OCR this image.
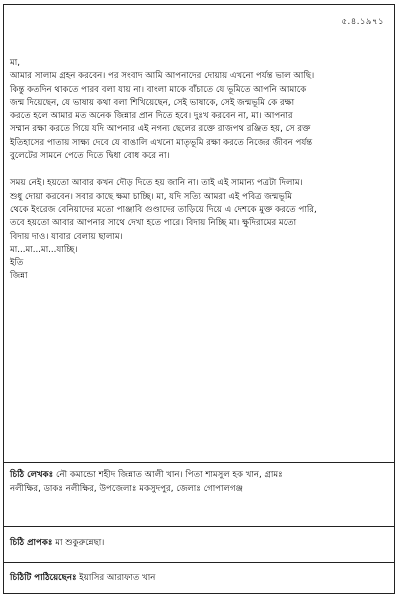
৫.৪.১৯৭১

মা,

আমার সালাম গ্রহন করবেন। পর সংবাদ আমি আপনাদের দোয়ায় এখনো পর্যন্ত ভাল আছি।
কিন্তু কতদিন থাকতে পারব বলা যায় না। বাংলা মাকে বাঁচাতে যে ভূমিতে আপনি আমাকে
জন্ম দিয়েছেন, যে ভাষায় কথা বলা শিখিয়েছেন, সেই ভাষাকে, সেই জন্মভূমি কে রক্ষা
করতে হলে আমার মত অনেক জিন্নার প্রান দিতে হবে। দুঃখ করবেন না, মা। আপনার
সম্মান রক্ষা করতে গিয়ে যদি আপনার এই নগন্য ছেলের রক্তে রাজপথ রঞ্জিত হয়, সে রক্ত
ইতিহাসের পাতায় সাক্ষ্য দেবে যে বাঙালি এখনো মাতৃভূমি রক্ষা করতে নিজের জীবন পর্যন্ত
বুলেটের সামনে পেতে দিতে দ্বিধা বোধ করে না।

সময় নেই। হয়তো আবার কখন দৌড় দিতে হয় জানি না। তাই এই সামান্য পত্রটা দিলাম।
শুধু দোয়া করবেন। সবার কাছে ক্ষমা চাচ্ছি। মা, যদি সত্যি আমরা এই পবিত্র জন্মভূমি
থেকে ইংরেজ বেনিয়াদের মতো পাঞ্জাবি গুণ্ডাদের তাড়িয়ে দিয়ে এ দেশকে মুক্ত করতে পারি,
তবে হয়তো আবার আপনার সাথে দেখা হতে পারে। বিদায় নিচ্ছি মা। ক্ষুদিরামের মতো
বিদায় দাও। যাবার বেলায় ছালাম।
মা...মা...মা...যাচ্ছি।

ইতি

জিন্না

চিঠি লেখকঃ নৌ কমান্ডো শহীদ জিন্নাত আলী খান। পিতা শামসুল হক খান, গ্রামঃ
নলীক্ষির, ডাকঃ নলীক্ষির, উপজেলাঃ মকসুদপুর, জেলাঃ গোপালগঞ্জ
চিঠি প্রাপকঃ মা শুকুরুন্নেছা।
চিঠিটি পাঠিয়েছেনঃ ইয়াসির আরাফাত খান
